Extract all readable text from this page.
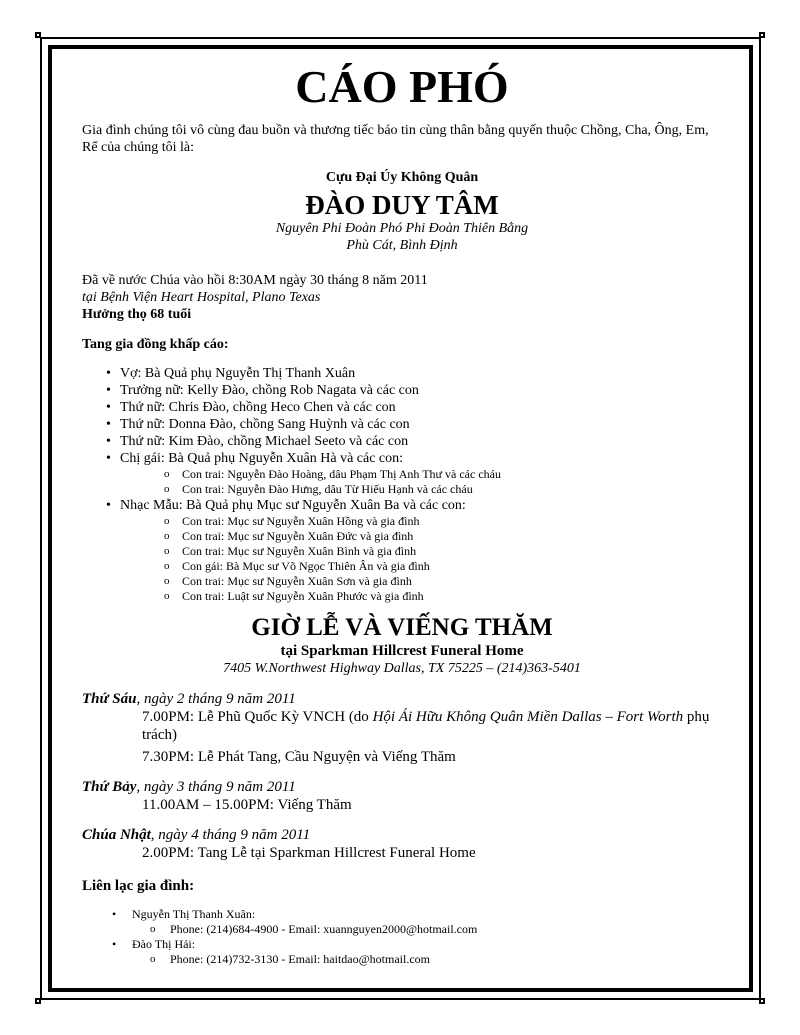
CÁO PHÓ

Gia đình chúng tôi vô cùng đau buồn và thương tiếc báo tin cùng thân bằng quyến thuộc Chồng, Cha, Ông, Em, Rể của chúng tôi là:

Cựu Đại Úy Không Quân
ĐÀO DUY TÂM
Nguyên Phi Đoàn Phó Phi Đoàn Thiên Bằng
Phù Cát, Bình Định

Đã về nước Chúa vào hồi 8:30AM ngày 30 tháng 8 năm 2011

tại Bệnh Viện Heart Hospital, Plano Texas

Hưởng thọ 68 tuổi

Tang gia đồng khấp cáo:
• Vợ: Bà Quả phụ Nguyễn Thị Thanh Xuân
• Trưởng nữ: Kelly Đào, chồng Rob Nagata và các con
• Thứ nữ: Chris Đào, chồng Heco Chen và các con
• Thứ nữ: Donna Đào, chồng Sang Huỳnh và các con
• Thứ nữ: Kim Đào, chồng Michael Seeto và các con
• Chị gái: Bà Quả phụ Nguyễn Xuân Hà và các con:
o Con trai: Nguyễn Đào Hoàng, dâu Phạm Thị Anh Thư và các cháu
o Con trai: Nguyễn Đào Hưng, dâu Từ Hiếu Hạnh và các cháu
• Nhạc Mẫu: Bà Quả phụ Mục sư Nguyễn Xuân Ba và các con:
o Con trai: Mục sư Nguyễn Xuân Hồng và gia đình
o Con trai: Mục sư Nguyễn Xuân Đức và gia đình
o Con trai: Mục sư Nguyễn Xuân Bình và gia đình
o Con gái: Bà Mục sư Võ Ngọc Thiên Ân và gia đình
o Con trai: Mục sư Nguyễn Xuân Sơn và gia đình
o Con trai: Luật sư Nguyễn Xuân Phước và gia đình
GIỜ LỄ VÀ VIẾNG THĂM
tại Sparkman Hillcrest Funeral Home
7405 W.Northwest Highway Dallas, TX 75225 – (214)363-5401
Thứ Sáu, ngày 2 tháng 9 năm 2011
7.00PM: Lễ Phũ Quốc Kỳ VNCH (do Hội Ái Hữu Không Quân Miền Dallas – Fort Worth phụ trách)
7.30PM: Lễ Phát Tang, Cầu Nguyện và Viếng Thăm
Thứ Bảy, ngày 3 tháng 9 năm 2011
11.00AM – 15.00PM: Viếng Thăm
Chúa Nhật, ngày 4 tháng 9 năm 2011
2.00PM: Tang Lễ tại Sparkman Hillcrest Funeral Home
Liên lạc gia đình:
• Nguyễn Thị Thanh Xuân:
o Phone: (214)684-4900 - Email: xuannguyen2000@hotmail.com
• Đào Thị Hải:
o Phone: (214)732-3130 - Email: haitdao@hotmail.com
